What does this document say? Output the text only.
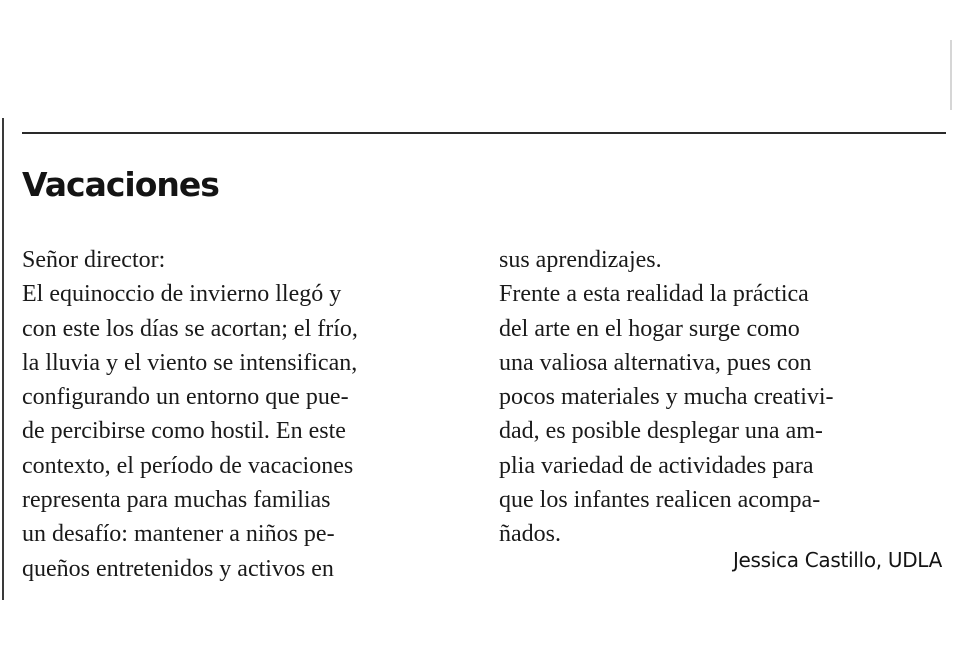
Vacaciones
Señor director:
El equinoccio de invierno llegó y
con este los días se acortan; el frío,
la lluvia y el viento se intensifican,
configurando un entorno que pue-
de percibirse como hostil. En este
contexto, el período de vacaciones
representa para muchas familias
un desafío: mantener a niños pe-
queños entretenidos y activos en
sus aprendizajes.
Frente a esta realidad la práctica
del arte en el hogar surge como
una valiosa alternativa, pues con
pocos materiales y mucha creativi-
dad, es posible desplegar una am-
plia variedad de actividades para
que los infantes realicen acompa-
ñados.
Jessica Castillo, UDLA
